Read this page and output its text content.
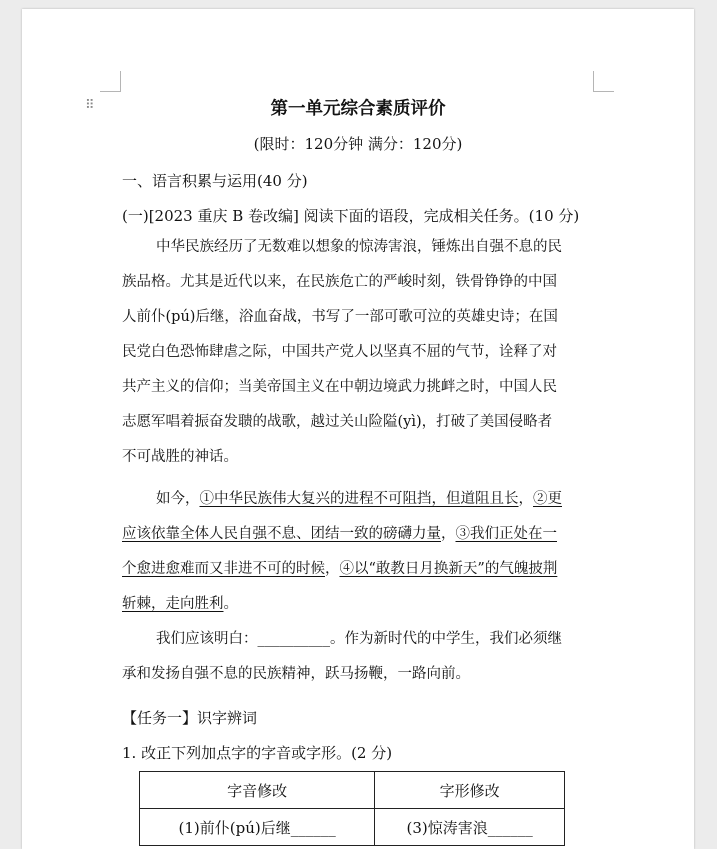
⠿	第一单元综合素质评价
(限时：120分钟 满分：120分)
一、语言积累与运用(40 分)
(一)[2023 重庆 B 卷改编] 阅读下面的语段，完成相关任务。(10 分)
中华民族经历了无数难以想象的惊涛害浪，锤炼出自强不息的民
族品格。尤其是近代以来，在民族危亡的严峻时刻，铁骨铮铮的中国
人前仆(pú)后继，浴血奋战，书写了一部可歌可泣的英雄史诗；在国
民党白色恐怖肆虐之际，中国共产党人以坚真不屈的气节，诠释了对
共产主义的信仰；当美帝国主义在中朝边境武力挑衅之时，中国人民
志愿军唱着振奋发聩的战歌，越过关山险隘(yì)，打破了美国侵略者
不可战胜的神话。
如今，①中华民族伟大复兴的进程不可阻挡，但道阻且长，②更
应该依靠全体人民自强不息、团结一致的磅礴力量，③我们正处在一
个愈进愈难而又非进不可的时候，④以“敢教日月换新天”的气魄披荆
斩棘，走向胜利。
我们应该明白：__________。作为新时代的中学生，我们必须继
承和发扬自强不息的民族精神，跃马扬鞭，一路向前。
【任务一】识字辨词
1. 改正下列加点字的字音或字形。(2 分)
字音修改	字形修改
(1)前仆(pú)后继______	(3)惊涛害浪______
